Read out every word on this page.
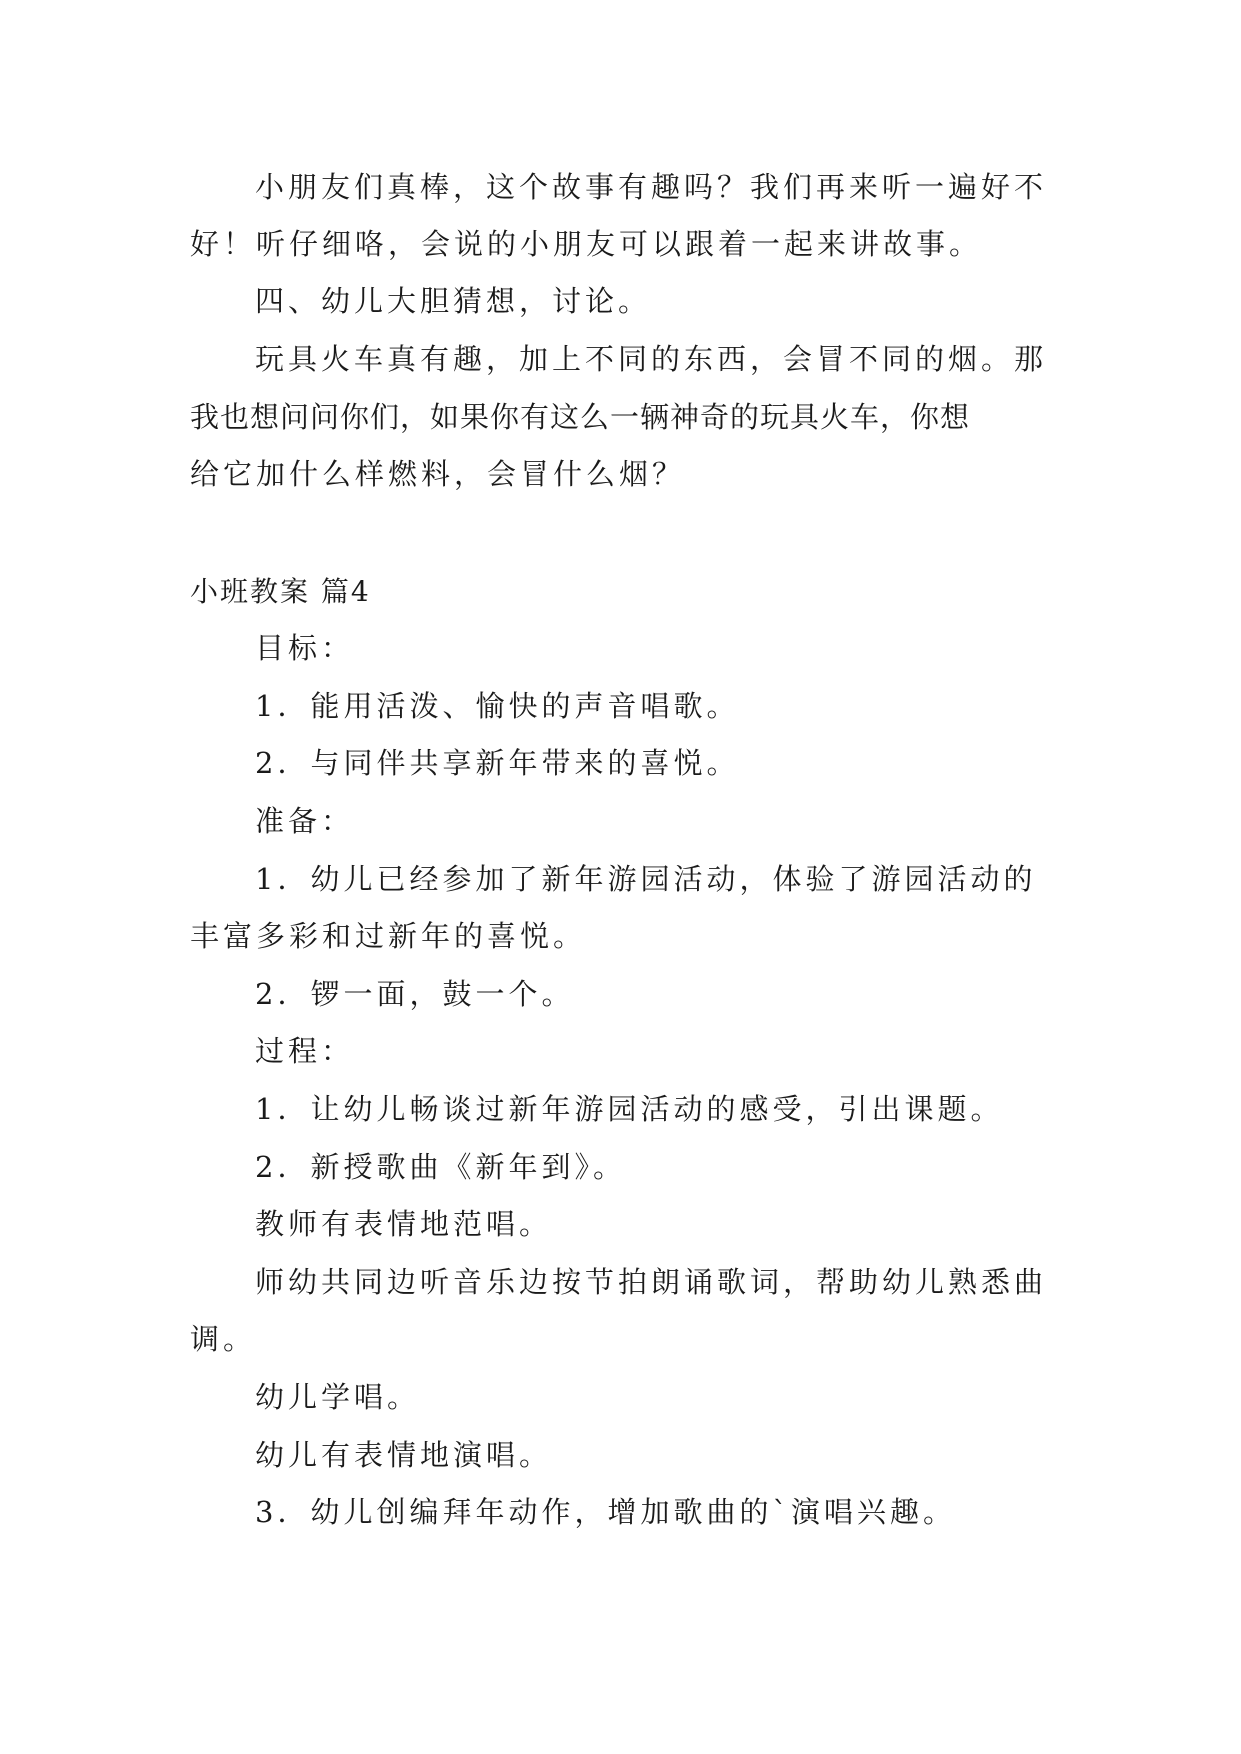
小朋友们真棒，这个故事有趣吗？我们再来听一遍好不
好！听仔细咯，会说的小朋友可以跟着一起来讲故事。
四、幼儿大胆猜想，讨论。
玩具火车真有趣，加上不同的东西，会冒不同的烟。那
我也想问问你们，如果你有这么一辆神奇的玩具火车，你想
给它加什么样燃料，会冒什么烟？
小班教案 篇4
目标：
1．能用活泼、愉快的声音唱歌。
2．与同伴共享新年带来的喜悦。
准备：
1．幼儿已经参加了新年游园活动，体验了游园活动的
丰富多彩和过新年的喜悦。
2．锣一面，鼓一个。
过程：
1．让幼儿畅谈过新年游园活动的感受，引出课题。
2．新授歌曲《新年到》。
教师有表情地范唱。
师幼共同边听音乐边按节拍朗诵歌词，帮助幼儿熟悉曲
调。
幼儿学唱。
幼儿有表情地演唱。
3．幼儿创编拜年动作，增加歌曲的`演唱兴趣。
